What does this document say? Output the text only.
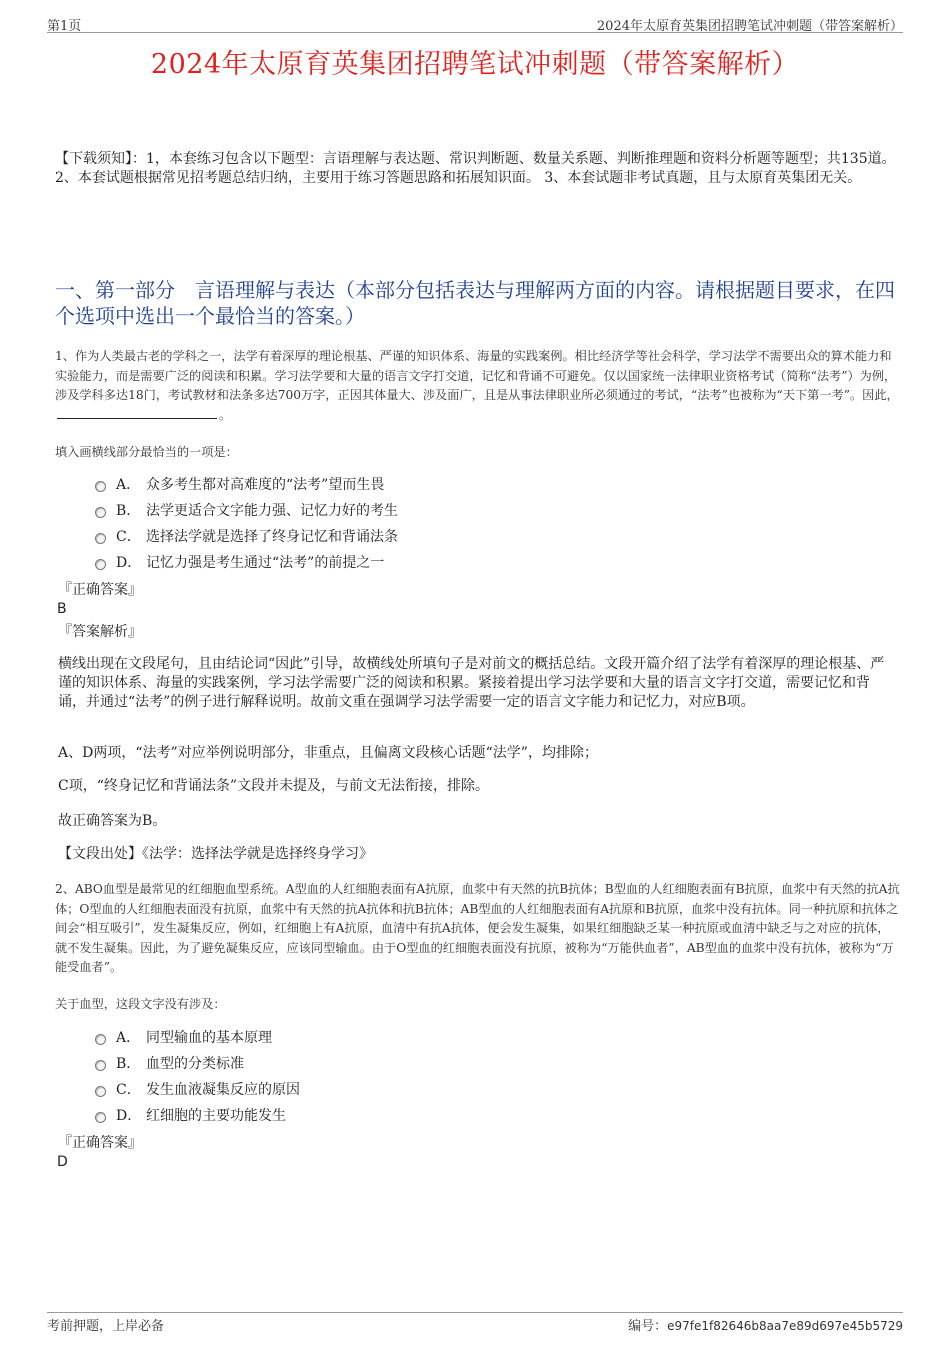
第1页	2024年太原育英集团招聘笔试冲刺题（带答案解析）
2024年太原育英集团招聘笔试冲刺题（带答案解析）
【下载须知】：1，本套练习包含以下题型：言语理解与表达题、常识判断题、数量关系题、判断推理题和资料分析题等题型；共135道。 2、本套试题根据常见招考题总结归纳，主要用于练习答题思路和拓展知识面。 3、本套试题非考试真题，且与太原育英集团无关。
一、第一部分　言语理解与表达（本部分包括表达与理解两方面的内容。请根据题目要求，在四个选项中选出一个最恰当的答案。）
1、作为人类最古老的学科之一，法学有着深厚的理论根基、严谨的知识体系、海量的实践案例。相比经济学等社会科学，学习法学不需要出众的算术能力和实验能力，而是需要广泛的阅读和积累。学习法学要和大量的语言文字打交道，记忆和背诵不可避免。仅以国家统一法律职业资格考试（简称“法考”）为例，涉及学科多达18门，考试教材和法条多达700万字，正因其体量大、涉及面广，且是从事法律职业所必须通过的考试，“法考”也被称为“天下第一考”。因此，。
填入画横线部分最恰当的一项是：
A． 众多考生都对高难度的“法考”望而生畏
B． 法学更适合文字能力强、记忆力好的考生
C． 选择法学就是选择了终身记忆和背诵法条
D． 记忆力强是考生通过“法考”的前提之一
『正确答案』
B
『答案解析』
横线出现在文段尾句，且由结论词“因此”引导，故横线处所填句子是对前文的概括总结。文段开篇介绍了法学有着深厚的理论根基、严谨的知识体系、海量的实践案例，学习法学需要广泛的阅读和积累。紧接着提出学习法学要和大量的语言文字打交道，需要记忆和背诵，并通过“法考”的例子进行解释说明。故前文重在强调学习法学需要一定的语言文字能力和记忆力，对应B项。
A、D两项，“法考”对应举例说明部分，非重点，且偏离文段核心话题“法学”，均排除；
C项，“终身记忆和背诵法条”文段并未提及，与前文无法衔接，排除。
故正确答案为B。
【文段出处】《法学：选择法学就是选择终身学习》
2、ABO血型是最常见的红细胞血型系统。A型血的人红细胞表面有A抗原，血浆中有天然的抗B抗体；B型血的人红细胞表面有B抗原，血浆中有天然的抗A抗体；O型血的人红细胞表面没有抗原，血浆中有天然的抗A抗体和抗B抗体；AB型血的人红细胞表面有A抗原和B抗原，血浆中没有抗体。同一种抗原和抗体之间会“相互吸引”，发生凝集反应，例如，红细胞上有A抗原，血清中有抗A抗体，便会发生凝集，如果红细胞缺乏某一种抗原或血清中缺乏与之对应的抗体，就不发生凝集。因此，为了避免凝集反应，应该同型输血。由于O型血的红细胞表面没有抗原，被称为“万能供血者”，AB型血的血浆中没有抗体，被称为“万能受血者”。
关于血型，这段文字没有涉及：
A． 同型输血的基本原理
B． 血型的分类标准
C． 发生血液凝集反应的原因
D． 红细胞的主要功能发生
『正确答案』
D
考前押题，上岸必备	编号：e97fe1f82646b8aa7e89d697e45b5729
